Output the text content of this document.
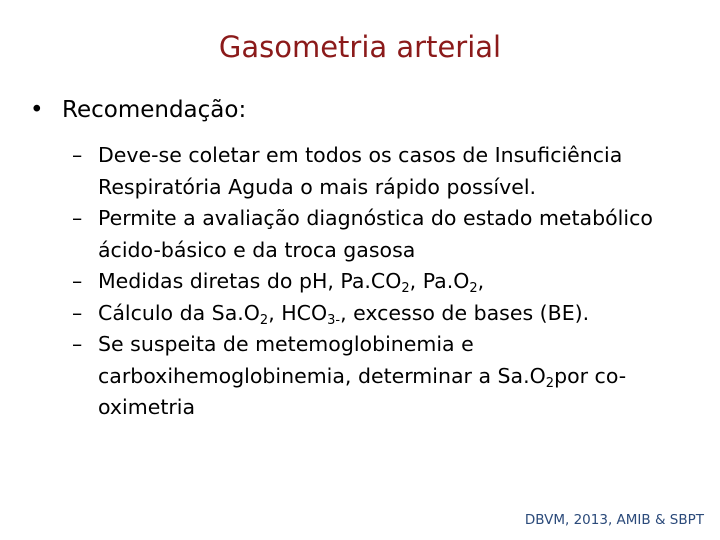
Gasometria arterial
• Recomendação:
– Deve-se coletar em todos os casos de Insuficiência
Respiratória Aguda o mais rápido possível.
– Permite a avaliação diagnóstica do estado metabólico
ácido-básico e da troca gasosa
– Medidas diretas do pH, $Pa.CO_2$, $Pa.O_2$,
– Cálculo da $Sa.O_2$, $HCO_{3-}$, excesso de bases (BE).
– Se suspeita de metemoglobinemia e
carboxihemoglobinemia, determinar a $Sa.O_2por$ co-
oximetria
DBVM, 2013, AMIB & SBPT
